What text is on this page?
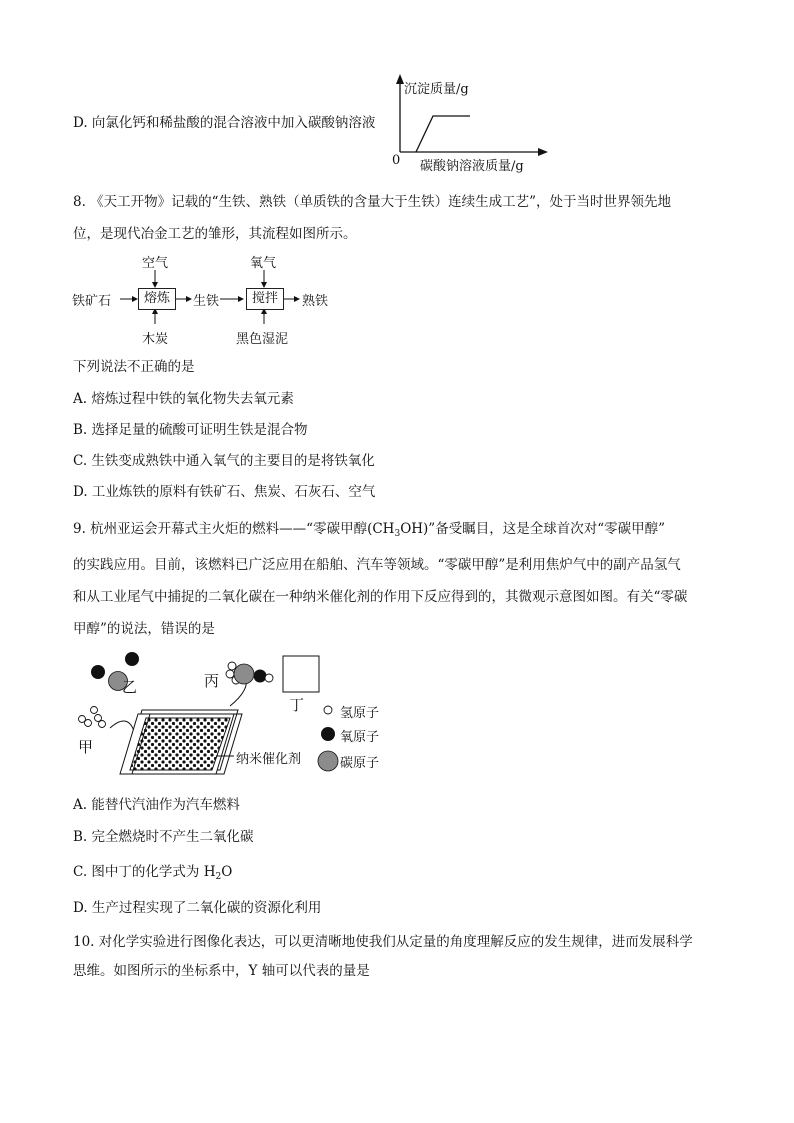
D. 向氯化钙和稀盐酸的混合溶液中加入碳酸钠溶液
沉淀质量/g
0 碳酸钠溶液质量/g
8. 《天工开物》记载的“生铁、熟铁（单质铁的含量大于生铁）连续生成工艺”，处于当时世界领先地
位，是现代冶金工艺的雏形，其流程如图所示。
铁矿石	熔炼
空气
木炭
生铁	搅拌
氧气
黑色湿泥
熟铁
下列说法不正确的是
A. 熔炼过程中铁的氧化物失去氧元素
B. 选择足量的硫酸可证明生铁是混合物
C. 生铁变成熟铁中通入氧气的主要目的是将铁氧化
D. 工业炼铁的原料有铁矿石、焦炭、石灰石、空气
9. 杭州亚运会开幕式主火炬的燃料——“零碳甲醇$(CH_3OH)$”备受瞩目，这是全球首次对“零碳甲醇”
的实践应用。目前，该燃料已广泛应用在船舶、汽车等领域。“零碳甲醇”是利用焦炉气中的副产品氢气
和从工业尾气中捕捉的二氧化碳在一种纳米催化剂的作用下反应得到的，其微观示意图如图。有关“零碳
甲醇”的说法，错误的是
乙	丙
丁
甲
纳米催化剂
氢原子
氧原子
碳原子
A. 能替代汽油作为汽车燃料
B. 完全燃烧时不产生二氧化碳
C. 图中丁的化学式为 $H_2O$
D. 生产过程实现了二氧化碳的资源化利用
10. 对化学实验进行图像化表达，可以更清晰地使我们从定量的角度理解反应的发生规律，进而发展科学
思维。如图所示的坐标系中，Y 轴可以代表的量是
